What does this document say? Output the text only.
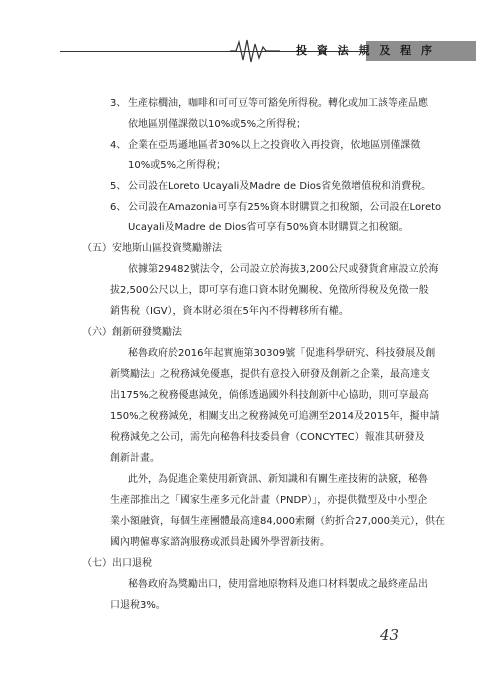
投 資 法 規 及 程 序
3、 生產棕櫚油，咖啡和可可豆等可豁免所得稅。轉化或加工該等產品應
依地區別僅課徵以10%或5%之所得稅；
4、 企業在亞馬遜地區者30%以上之投資收入再投資，依地區別僅課徵
10%或5%之所得稅；
5、 公司設在Loreto Ucayali及Madre de Dios省免徵增值稅和消費稅。
6、 公司設在Amazonia可享有25%資本財購買之扣稅額，公司設在Loreto
Ucayali及Madre de Dios省可享有50%資本財購買之扣稅額。
（五）安地斯山區投資獎勵辦法
依據第29482號法令，公司設立於海拔3,200公尺或發貨倉庫設立於海
拔2,500公尺以上，即可享有進口資本財免關稅、免徵所得稅及免徵一般
銷售稅（IGV），資本財必須在5年內不得轉移所有權。
（六）創新研發獎勵法
秘魯政府於2016年起實施第30309號「促進科學研究、科技發展及創
新獎勵法」之稅務減免優惠，提供有意投入研發及創新之企業，最高達支
出175%之稅務優惠減免，倘係透過國外科技創新中心協助，則可享最高
150%之稅務減免，相關支出之稅務減免可追溯至2014及2015年，擬申請
稅務減免之公司，需先向秘魯科技委員會（CONCYTEC）報准其研發及
創新計畫。
此外，為促進企業使用新資訊、新知識和有關生產技術的訣竅，秘魯
生產部推出之「國家生產多元化計畫（PNDP）」，亦提供微型及中小型企
業小額融資，每個生產團體最高達84,000索爾（約折合27,000美元），供在
國內聘僱專家諮詢服務或派員赴國外學習新技術。
（七）出口退稅
秘魯政府為獎勵出口，使用當地原物料及進口材料製成之最終產品出
口退稅3%。
43
